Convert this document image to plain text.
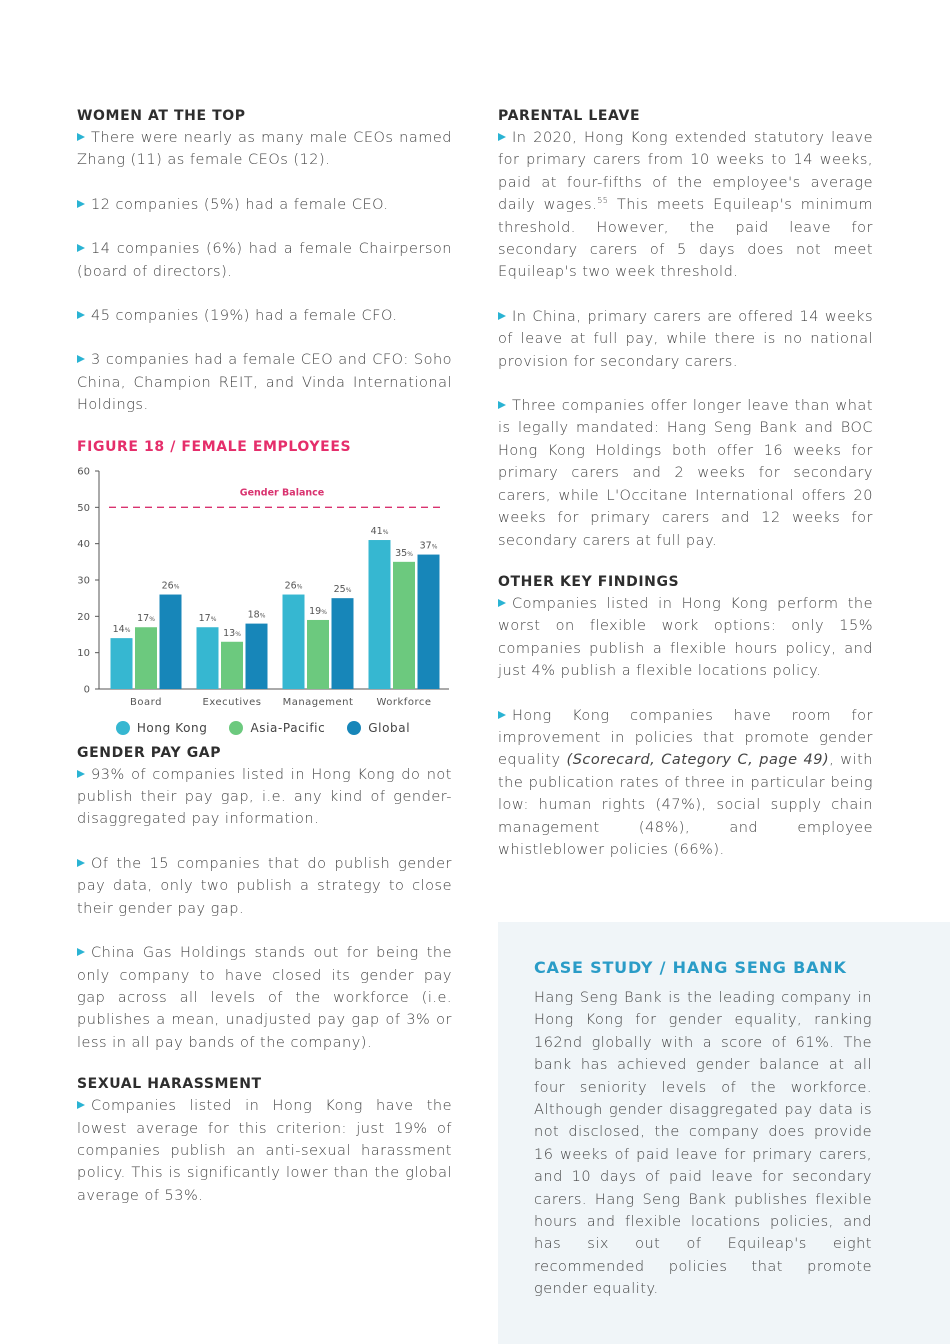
WOMEN AT THE TOP

There were nearly as many male CEOs named Zhang (11) as female CEOs (12).

12 companies (5%) had a female CEO.

14 companies (6%) had a female Chairperson (board of directors).

45 companies (19%) had a female CFO.

3 companies had a female CEO and CFO: Soho China, Champion REIT, and Vinda International Holdings.

FIGURE 18 / FEMALE EMPLOYEES
0
10
20
30
40
50
60
Gender Balance
14%
17%
26%
Board
17%
13%
18%
Executives
26%
19%
25%
Management
41%
35%
37%
Workforce
Hong Kong	Asia-Pacific	Global
GENDER PAY GAP

93% of companies listed in Hong Kong do not publish their pay gap, i.e. any kind of gender-disaggregated pay information.

Of the 15 companies that do publish gender pay data, only two publish a strategy to close their gender pay gap.

China Gas Holdings stands out for being the only company to have closed its gender pay gap across all levels of the workforce (i.e. publishes a mean, unadjusted pay gap of 3% or less in all pay bands of the company).

SEXUAL HARASSMENT

Companies listed in Hong Kong have the lowest average for this criterion: just 19% of companies publish an anti-sexual harassment policy. This is significantly lower than the global average of 53%.

PARENTAL LEAVE

In 2020, Hong Kong extended statutory leave for primary carers from 10 weeks to 14 weeks, paid at four-fifths of the employee's average daily wages.$^{55}$ This meets Equileap's minimum threshold. However, the paid leave for secondary carers of 5 days does not meet Equileap's two week threshold.

In China, primary carers are offered 14 weeks of leave at full pay, while there is no national provision for secondary carers.

Three companies offer longer leave than what is legally mandated: Hang Seng Bank and BOC Hong Kong Holdings both offer 16 weeks for primary carers and 2 weeks for secondary carers, while L'Occitane International offers 20 weeks for primary carers and 12 weeks for secondary carers at full pay.

OTHER KEY FINDINGS

Companies listed in Hong Kong perform the worst on flexible work options: only 15% companies publish a flexible hours policy, and just 4% publish a flexible locations policy.

Hong Kong companies have room for improvement in policies that promote gender equality (Scorecard, Category C, page 49), with the publication rates of three in particular being low: human rights (47%), social supply chain management (48%), and employee whistleblower policies (66%).

CASE STUDY / HANG SENG BANK

Hang Seng Bank is the leading company in Hong Kong for gender equality, ranking 162nd globally with a score of 61%. The bank has achieved gender balance at all four seniority levels of the workforce. Although gender disaggregated pay data is not disclosed, the company does provide 16 weeks of paid leave for primary carers, and 10 days of paid leave for secondary carers. Hang Seng Bank publishes flexible hours and flexible locations policies, and has six out of Equileap's eight recommended policies that promote gender equality.
